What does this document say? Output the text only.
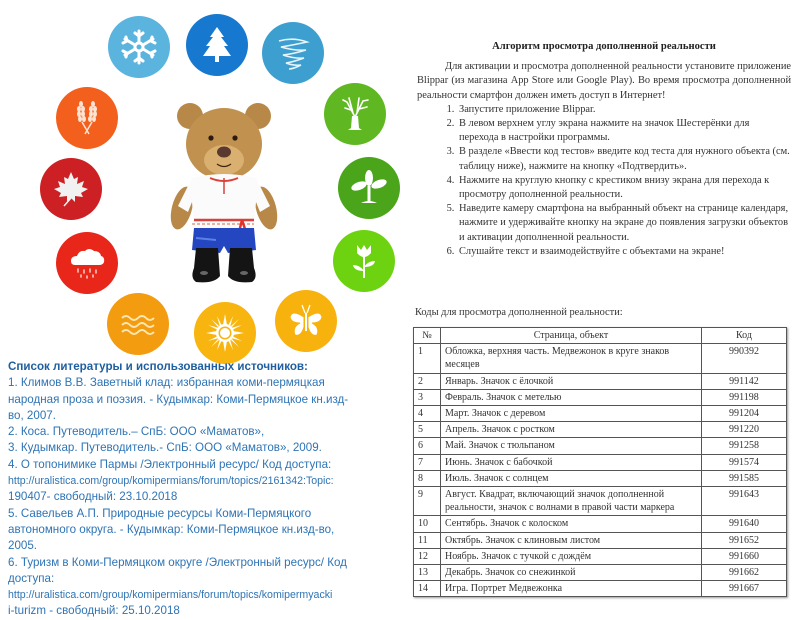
Список литературы и использованных источников:
1. Климов В.В. Заветный клад: избранная коми-пермяцкая
народная проза и поэзия. - Кудымкар: Коми-Пермяцкое кн.изд-
во, 2007.
2. Коса. Путеводитель.– СпБ: ООО «Маматов»,
3. Кудымкар. Путеводитель.- СпБ: ООО «Маматов», 2009.
4. О топонимике Пармы /Электронный ресурс/ Код доступа:
http://uralistica.com/group/komipermians/forum/topics/2161342:Topic:
190407- свободный: 23.10.2018
5. Савельев А.П. Природные ресурсы Коми-Пермяцкого
автономного округа. - Кудымкар: Коми-Пермяцкое кн.изд-во,
2005.
6. Туризм в Коми-Пермяцком округе /Электронный ресурс/ Код
доступа:
http://uralistica.com/group/komipermians/forum/topics/komipermyacki
i-turizm - свободный: 25.10.2018
Алгоритм просмотра дополненной реальности
Для активации и просмотра дополненной реальности установите приложение Blippar (из магазина App Store или Google Play). Во время просмотра дополненной реальности смартфон должен иметь доступ в Интернет!
1. Запустите приложение Blippar.
2. В левом верхнем углу экрана нажмите на значок Шестерёнки для перехода в настройки программы.
3. В разделе «Ввести код тестов» введите код теста для нужного объекта (см. таблицу ниже), нажмите на кнопку «Подтвердить».
4. Нажмите на круглую кнопку с крестиком внизу экрана для перехода к просмотру дополненной реальности.
5. Наведите камеру смартфона на выбранный объект на странице календаря, нажмите и удерживайте кнопку на экране до появления загрузки объектов и активации дополненной реальности.
6. Слушайте текст и взаимодействуйте с объектами на экране!
Коды для просмотра дополненной реальности:
№	Страница, объект	Код
1	Обложка, верхняя часть. Медвежонок в круге знаков месяцев	990392
2	Январь. Значок с ёлочкой	991142
3	Февраль. Значок с метелью	991198
4	Март. Значок с деревом	991204
5	Апрель. Значок с ростком	991220
6	Май. Значок с тюльпаном	991258
7	Июнь. Значок с бабочкой	991574
8	Июль. Значок с солнцем	991585
9	Август. Квадрат, включающий значок дополненной реальности, значок с волнами в правой части маркера	991643
10	Сентябрь. Значок с колоском	991640
11	Октябрь. Значок с клиновым листом	991652
12	Ноябрь. Значок с тучкой с дождём	991660
13	Декабрь. Значок со снежинкой	991662
14	Игра. Портрет Медвежонка	991667
